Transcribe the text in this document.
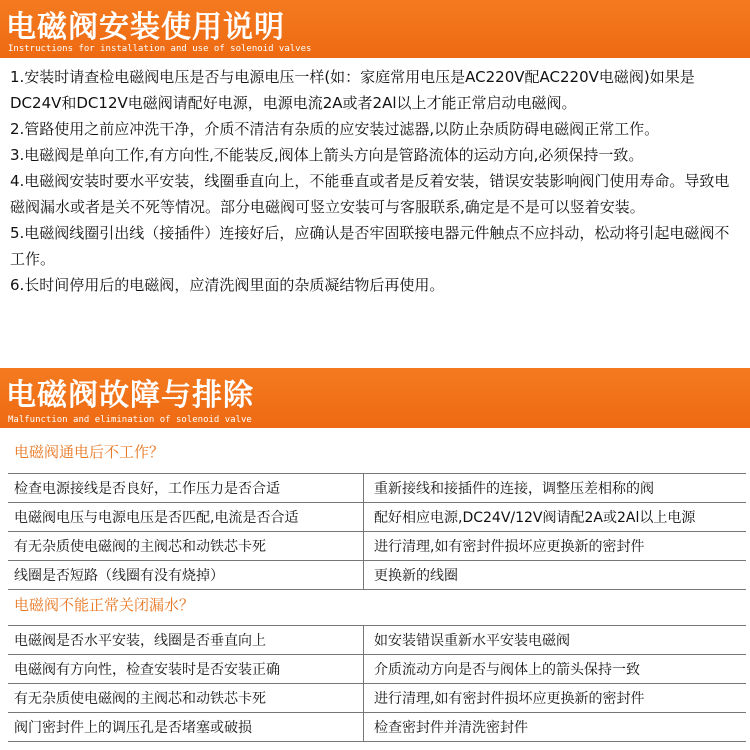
电磁阀安装使用说明
Instructions for installation and use of solenoid valves

1.安装时请查检电磁阀电压是否与电源电压一样(如：家庭常用电压是AC220V配AC220V电磁阀)如果是DC24V和DC12V电磁阀请配好电源，电源电流2A或者2Al以上才能正常启动电磁阀。

2.管路使用之前应冲洗干净，介质不清洁有杂质的应安装过滤器,以防止杂质防碍电磁阀正常工作。

3.电磁阀是单向工作,有方向性,不能装反,阀体上箭头方向是管路流体的运动方向,必须保持一致。

4.电磁阀安装时要水平安装，线圈垂直向上，不能垂直或者是反着安装，错误安装影响阀门使用寿命。导致电磁阀漏水或者是关不死等情况。部分电磁阀可竖立安装可与客服联系,确定是不是可以竖着安装。

5.电磁阀线圈引出线（接插件）连接好后，应确认是否牢固联接电器元件触点不应抖动，松动将引起电磁阀不工作。

6.长时间停用后的电磁阀，应清洗阀里面的杂质凝结物后再使用。

电磁阀故障与排除
Malfunction and elimination of solenoid valve
电磁阀通电后不工作？
检查电源接线是否良好，工作压力是否合适	重新接线和接插件的连接，调整压差相称的阀
电磁阀电压与电源电压是否匹配,电流是否合适	配好相应电源,DC24V/12V阀请配2A或2Al以上电源
有无杂质使电磁阀的主阀芯和动铁芯卡死	进行清理,如有密封件损坏应更换新的密封件
线圈是否短路（线圈有没有烧掉）	更换新的线圈
电磁阀不能正常关闭漏水？
电磁阀是否水平安装，线圈是否垂直向上	如安装错误重新水平安装电磁阀
电磁阀有方向性，检查安装时是否安装正确	介质流动方向是否与阀体上的箭头保持一致
有无杂质使电磁阀的主阀芯和动铁芯卡死	进行清理,如有密封件损坏应更换新的密封件
阀门密封件上的调压孔是否堵塞或破损	检查密封件并清洗密封件
